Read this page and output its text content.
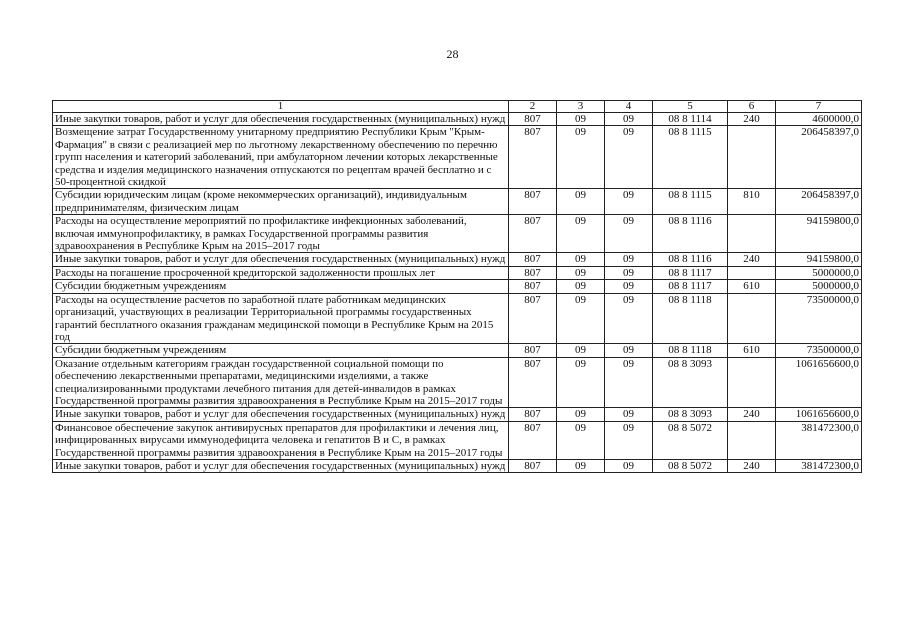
28
1	2	3	4	5	6	7
Иные закупки товаров, работ и услуг для обеспечения государственных (муниципальных) нужд	807	09	09	08 8 1114	240	4600000,0
Возмещение затрат Государственному унитарному предприятию Республики Крым "Крым-Фармация" в связи с реализацией мер по льготному лекарственному обеспечению по перечню групп населения и категорий заболеваний, при амбулаторном лечении которых лекарственные средства и изделия медицинского назначения отпускаются по рецептам врачей бесплатно и с 50-процентной скидкой	807	09	09	08 8 1115		206458397,0
Субсидии юридическим лицам (кроме некоммерческих организаций), индивидуальным предпринимателям, физическим лицам	807	09	09	08 8 1115	810	206458397,0
Расходы на осуществление мероприятий по профилактике инфекционных заболеваний, включая иммунопрофилактику, в рамках Государственной программы развития здравоохранения в Республике Крым на 2015–2017 годы	807	09	09	08 8 1116		94159800,0
Иные закупки товаров, работ и услуг для обеспечения государственных (муниципальных) нужд	807	09	09	08 8 1116	240	94159800,0
Расходы на погашение просроченной кредиторской задолженности прошлых лет	807	09	09	08 8 1117		5000000,0
Субсидии бюджетным учреждениям	807	09	09	08 8 1117	610	5000000,0
Расходы на осуществление расчетов по заработной плате работникам медицинских организаций, участвующих в реализации Территориальной программы государственных гарантий бесплатного оказания гражданам медицинской помощи в Республике Крым на 2015 год	807	09	09	08 8 1118		73500000,0
Субсидии бюджетным учреждениям	807	09	09	08 8 1118	610	73500000,0
Оказание отдельным категориям граждан государственной социальной помощи по обеспечению лекарственными препаратами, медицинскими изделиями, а также специализированными продуктами лечебного питания для детей-инвалидов в рамках Государственной программы развития здравоохранения в Республике Крым на 2015–2017 годы	807	09	09	08 8 3093		1061656600,0
Иные закупки товаров, работ и услуг для обеспечения государственных (муниципальных) нужд	807	09	09	08 8 3093	240	1061656600,0
Финансовое обеспечение закупок антивирусных препаратов для профилактики и лечения лиц, инфицированных вирусами иммунодефицита человека и гепатитов В и С, в рамках Государственной программы развития здравоохранения в Республике Крым на 2015–2017 годы	807	09	09	08 8 5072		381472300,0
Иные закупки товаров, работ и услуг для обеспечения государственных (муниципальных) нужд	807	09	09	08 8 5072	240	381472300,0
